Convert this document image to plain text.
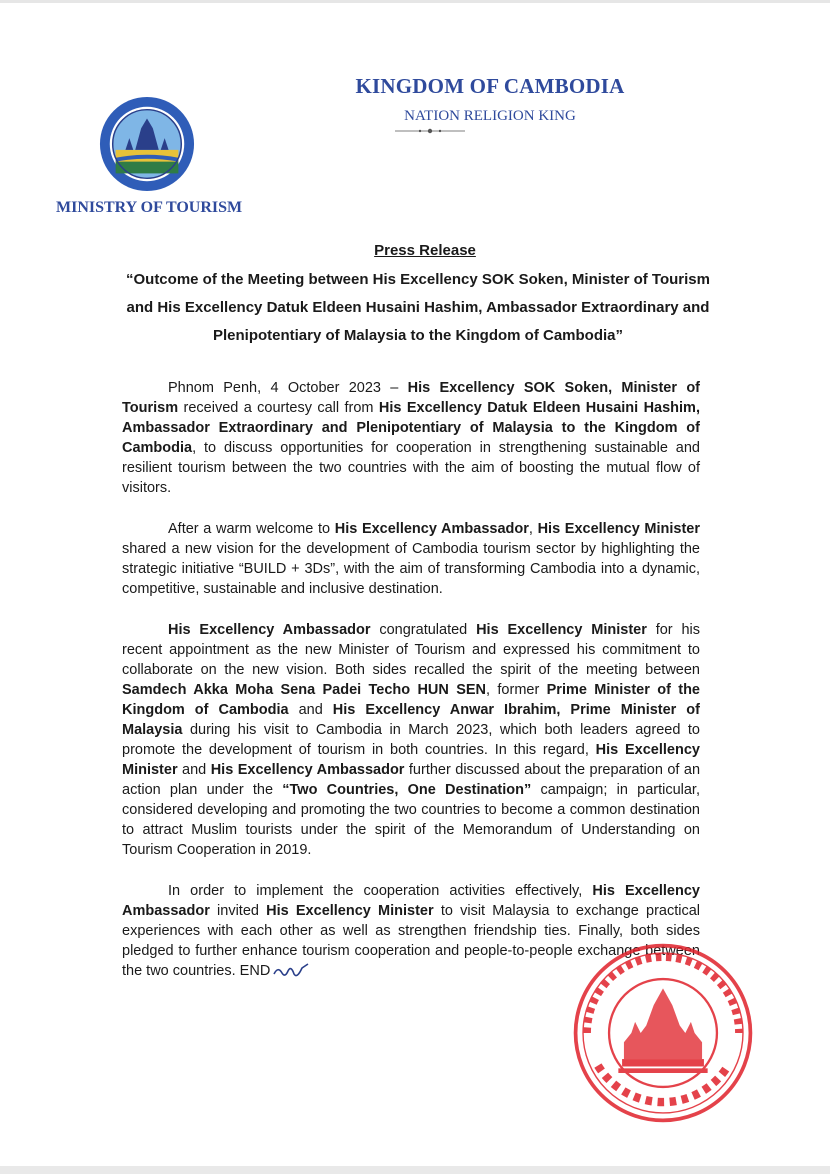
KINGDOM OF CAMBODIA
NATION RELIGION KING
MINISTRY OF TOURISM
Press Release
“Outcome of the Meeting between His Excellency SOK Soken, Minister of Tourism and His Excellency Datuk Eldeen Husaini Hashim, Ambassador Extraordinary and Plenipotentiary of Malaysia to the Kingdom of Cambodia”

Phnom Penh, 4 October 2023 – His Excellency SOK Soken, Minister of Tourism received a courtesy call from His Excellency Datuk Eldeen Husaini Hashim, Ambassador Extraordinary and Plenipotentiary of Malaysia to the Kingdom of Cambodia, to discuss opportunities for cooperation in strengthening sustainable and resilient tourism between the two countries with the aim of boosting the mutual flow of visitors.

After a warm welcome to His Excellency Ambassador, His Excellency Minister shared a new vision for the development of Cambodia tourism sector by highlighting the strategic initiative “BUILD + 3Ds”, with the aim of transforming Cambodia into a dynamic, competitive, sustainable and inclusive destination.

His Excellency Ambassador congratulated His Excellency Minister for his recent appointment as the new Minister of Tourism and expressed his commitment to collaborate on the new vision. Both sides recalled the spirit of the meeting between Samdech Akka Moha Sena Padei Techo HUN SEN, former Prime Minister of the Kingdom of Cambodia and His Excellency Anwar Ibrahim, Prime Minister of Malaysia during his visit to Cambodia in March 2023, which both leaders agreed to promote the development of tourism in both countries. In this regard, His Excellency Minister and His Excellency Ambassador further discussed about the preparation of an action plan under the “Two Countries, One Destination” campaign; in particular, considered developing and promoting the two countries to become a common destination to attract Muslim tourists under the spirit of the Memorandum of Understanding on Tourism Cooperation in 2019.

In order to implement the cooperation activities effectively, His Excellency Ambassador invited His Excellency Minister to visit Malaysia to exchange practical experiences with each other as well as strengthen friendship ties. Finally, both sides pledged to further enhance tourism cooperation and people-to-people exchange between the two countries. END
